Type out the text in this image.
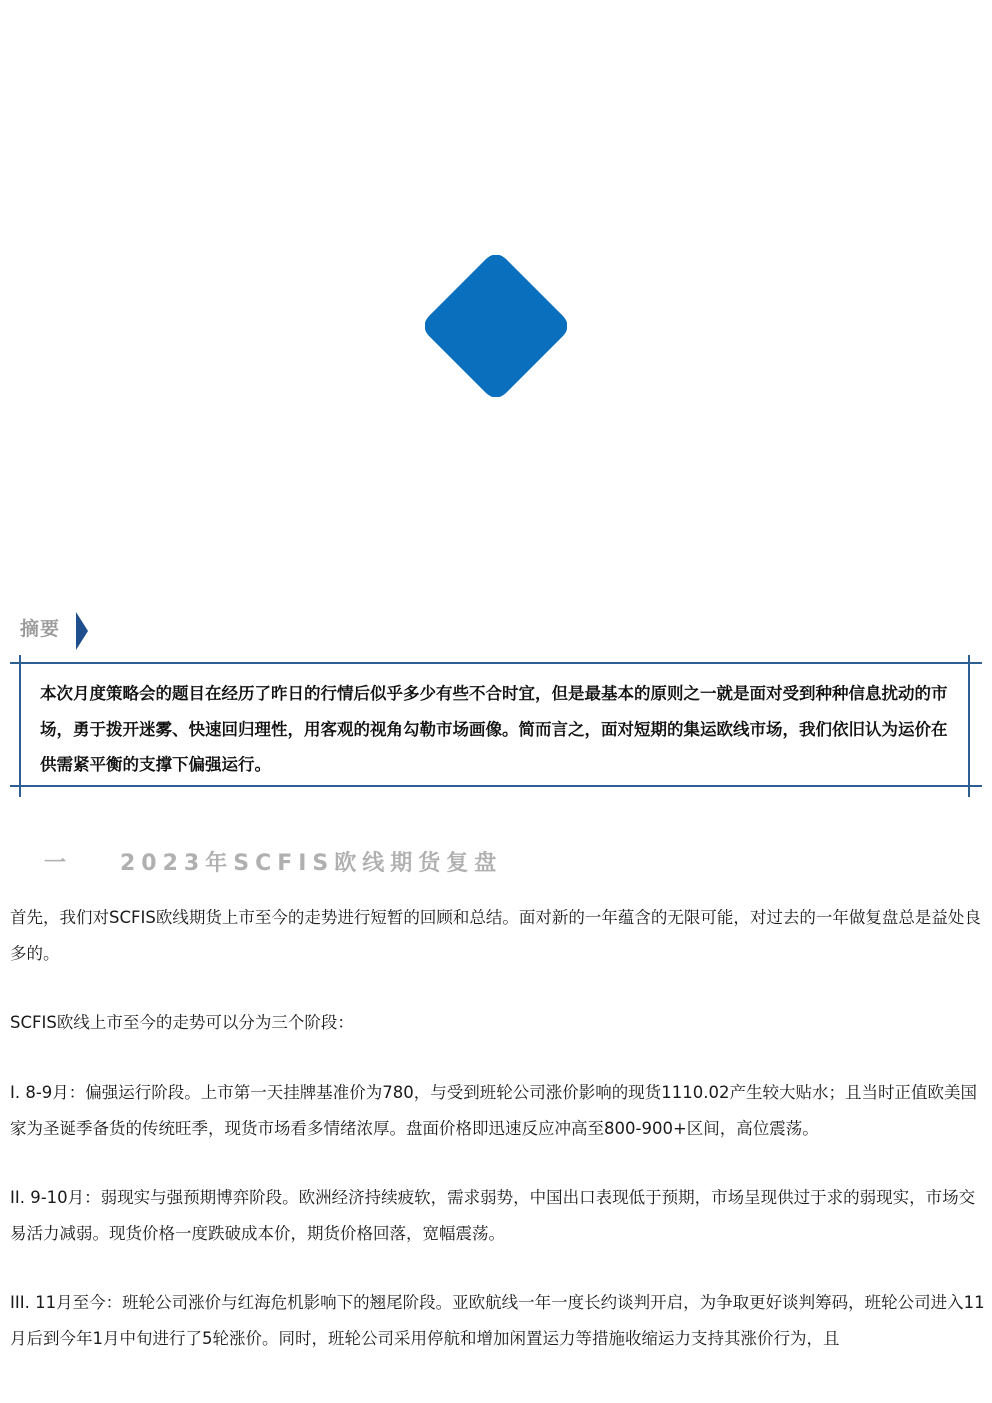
摘要
本次月度策略会的题目在经历了昨日的行情后似乎多少有些不合时宜，但是最基本的原则之一就是面对受到种种信息扰动的市场，勇于拨开迷雾、快速回归理性，用客观的视角勾勒市场画像。简而言之，面对短期的集运欧线市场，我们依旧认为运价在供需紧平衡的支撑下偏强运行。
一 2023年SCFIS欧线期货复盘

首先，我们对SCFIS欧线期货上市至今的走势进行短暂的回顾和总结。面对新的一年蕴含的无限可能，对过去的一年做复盘总是益处良多的。

SCFIS欧线上市至今的走势可以分为三个阶段：

I. 8-9月：偏强运行阶段。上市第一天挂牌基准价为780，与受到班轮公司涨价影响的现货1110.02产生较大贴水；且当时正值欧美国家为圣诞季备货的传统旺季，现货市场看多情绪浓厚。盘面价格即迅速反应冲高至800-900+区间，高位震荡。

II. 9-10月：弱现实与强预期博弈阶段。欧洲经济持续疲软，需求弱势，中国出口表现低于预期，市场呈现供过于求的弱现实，市场交易活力减弱。现货价格一度跌破成本价，期货价格回落，宽幅震荡。

III. 11月至今：班轮公司涨价与红海危机影响下的翘尾阶段。亚欧航线一年一度长约谈判开启，为争取更好谈判筹码，班轮公司进入11月后到今年1月中旬进行了5轮涨价。同时，班轮公司采用停航和增加闲置运力等措施收缩运力支持其涨价行为，且
